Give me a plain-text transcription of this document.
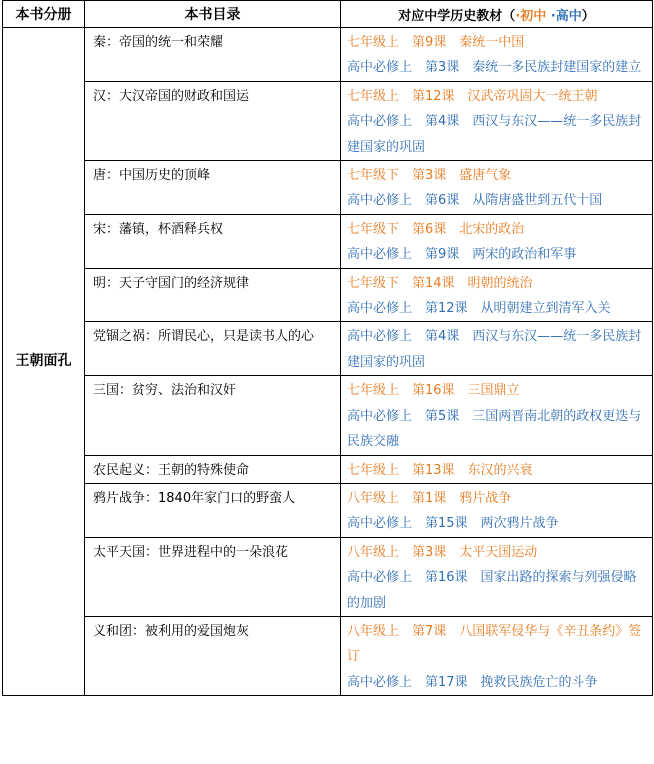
本书分册	本书目录	对应中学历史教材（·初中 ·高中）
王朝面孔	秦：帝国的统一和荣耀	七年级上　第9课　秦统一中国
高中必修上　第3课　秦统一多民族封建国家的建立

	汉：大汉帝国的财政和国运	七年级上　第12课　汉武帝巩固大一统王朝
高中必修上　第4课　西汉与东汉——统一多民族封建国家的巩固

	唐：中国历史的顶峰	七年级下　第3课　盛唐气象
高中必修上　第6课　从隋唐盛世到五代十国

	宋：藩镇，杯酒释兵权	七年级下　第6课　北宋的政治
高中必修上　第9课　两宋的政治和军事

	明：天子守国门的经济规律	七年级下　第14课　明朝的统治
高中必修上　第12课　从明朝建立到清军入关

	党锢之祸：所谓民心，只是读书人的心	高中必修上　第4课　西汉与东汉——统一多民族封建国家的巩固

	三国：贫穷、法治和汉奸	七年级上　第16课　三国鼎立
高中必修上　第5课　三国两晋南北朝的政权更迭与民族交融

	农民起义：王朝的特殊使命	七年级上　第13课　东汉的兴衰

	鸦片战争：1840年家门口的野蛮人	八年级上　第1课　鸦片战争
高中必修上　第15课　两次鸦片战争

	太平天国：世界进程中的一朵浪花	八年级上　第3课　太平天国运动
高中必修上　第16课　国家出路的探索与列强侵略的加剧

	义和团：被利用的爱国炮灰	八年级上　第7课　八国联军侵华与《辛丑条约》签订
高中必修上　第17课　挽救民族危亡的斗争
